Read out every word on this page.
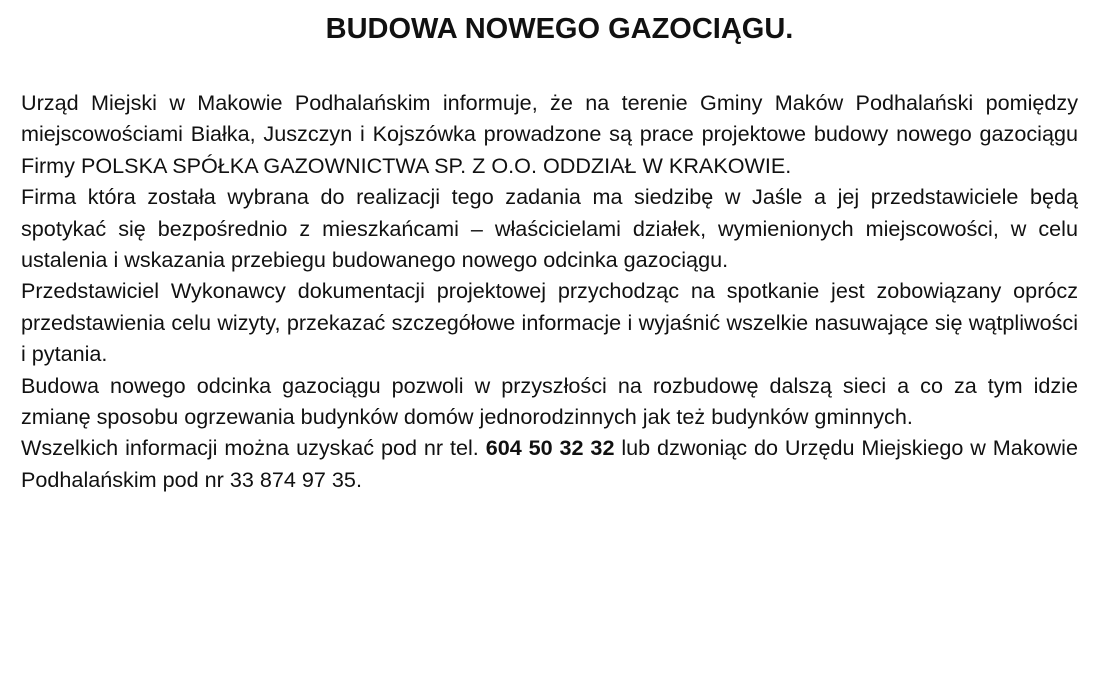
BUDOWA NOWEGO GAZOCIĄGU.

Urząd Miejski w Makowie Podhalańskim informuje, że na terenie Gminy Maków Podhalański pomiędzy miejscowościami Białka, Juszczyn i Kojszówka prowadzone są prace projektowe budowy nowego gazociągu Firmy POLSKA SPÓŁKA GAZOWNICTWA SP. Z O.O. ODDZIAŁ W KRAKOWIE.

Firma która została wybrana do realizacji tego zadania ma siedzibę w Jaśle a jej przedstawiciele będą spotykać się bezpośrednio z mieszkańcami – właścicielami działek, wymienionych miejscowości, w celu ustalenia i wskazania przebiegu budowanego nowego odcinka gazociągu.

Przedstawiciel Wykonawcy dokumentacji projektowej przychodząc na spotkanie jest zobowiązany oprócz przedstawienia celu wizyty, przekazać szczegółowe informacje i wyjaśnić wszelkie nasuwające się wątpliwości i pytania.

Budowa nowego odcinka gazociągu pozwoli w przyszłości na rozbudowę dalszą sieci a co za tym idzie zmianę sposobu ogrzewania budynków domów jednorodzinnych jak też budynków gminnych.

Wszelkich informacji można uzyskać pod nr tel. 604 50 32 32 lub dzwoniąc do Urzędu Miejskiego w Makowie Podhalańskim pod nr 33 874 97 35.
